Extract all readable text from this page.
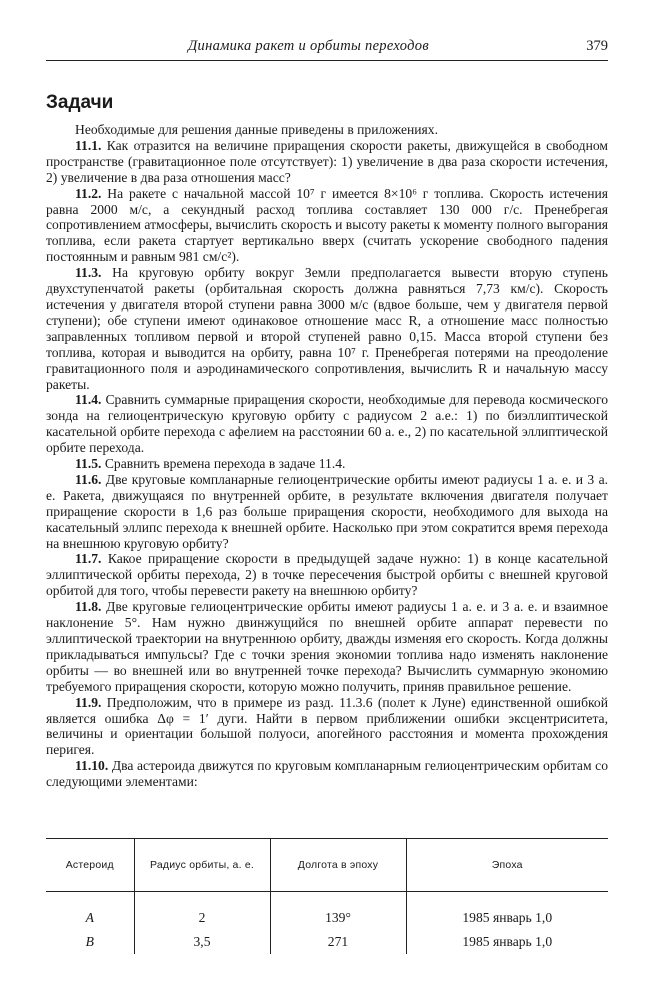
Динамика ракет и орбиты переходов	379
Задачи

Необходимые для решения данные приведены в приложениях.

11.1. Как отразится на величине приращения скорости ракеты, движущейся в свободном пространстве (гравитационное поле отсутствует): 1) увеличение в два раза скорости истечения, 2) увеличение в два раза отношения масс?

11.2. На ракете с начальной массой 10⁷ г имеется 8×10⁶ г топлива. Скорость истечения равна 2000 м/с, а секундный расход топлива составляет 130 000 г/с. Пренебрегая сопротивлением атмосферы, вычислить скорость и высоту ракеты к моменту полного выгорания топлива, если ракета стартует вертикально вверх (считать ускорение свободного падения постоянным и равным 981 см/с²).

11.3. На круговую орбиту вокруг Земли предполагается вывести вторую ступень двухступенчатой ракеты (орбитальная скорость должна равняться 7,73 км/с). Скорость истечения у двигателя второй ступени равна 3000 м/с (вдвое больше, чем у двигателя первой ступени); обе ступени имеют одинаковое отношение масс R, а отношение масс полностью заправленных топливом первой и второй ступеней равно 0,15. Масса второй ступени без топлива, которая и выводится на орбиту, равна 10⁷ г. Пренебрегая потерями на преодоление гравитационного поля и аэродинамического сопротивления, вычислить R и начальную массу ракеты.

11.4. Сравнить суммарные приращения скорости, необходимые для перевода космического зонда на гелиоцентрическую круговую орбиту с радиусом 2 а.е.: 1) по биэллиптической касательной орбите перехода с афелием на расстоянии 60 а. е., 2) по касательной эллиптической орбите перехода.

11.5. Сравнить времена перехода в задаче 11.4.

11.6. Две круговые компланарные гелиоцентрические орбиты имеют радиусы 1 а. е. и 3 а. е. Ракета, движущаяся по внутренней орбите, в результате включения двигателя получает приращение скорости в 1,6 раз больше приращения скорости, необходимого для выхода на касательный эллипс перехода к внешней орбите. Насколько при этом сократится время перехода на внешнюю круговую орбиту?

11.7. Какое приращение скорости в предыдущей задаче нужно: 1) в конце касательной эллиптической орбиты перехода, 2) в точке пересечения быстрой орбиты с внешней круговой орбитой для того, чтобы перевести ракету на внешнюю орбиту?

11.8. Две круговые гелиоцентрические орбиты имеют радиусы 1 а. е. и 3 а. е. и взаимное наклонение 5°. Нам нужно двинжущийся по внешней орбите аппарат перевести по эллиптической траектории на внутреннюю орбиту, дважды изменяя его скорость. Когда должны прикладываться импульсы? Где с точки зрения экономии топлива надо изменять наклонение орбиты — во внешней или во внутренней точке перехода? Вычислить суммарную экономию требуемого приращения скорости, которую можно получить, приняв правильное решение.

11.9. Предположим, что в примере из разд. 11.3.6 (полет к Луне) единственной ошибкой является ошибка Δφ = 1′ дуги. Найти в первом приближении ошибки эксцентриситета, величины и ориентации большой полуоси, апогейного расстояния и момента прохождения перигея.

11.10. Два астероида движутся по круговым компланарным гелиоцентрическим орбитам со следующими элементами:

Астероид	Радиус орбиты, а. е.	Долгота в эпоху	Эпоха
A	2	139°	1985 январь 1,0
B	3,5	271	1985 январь 1,0
